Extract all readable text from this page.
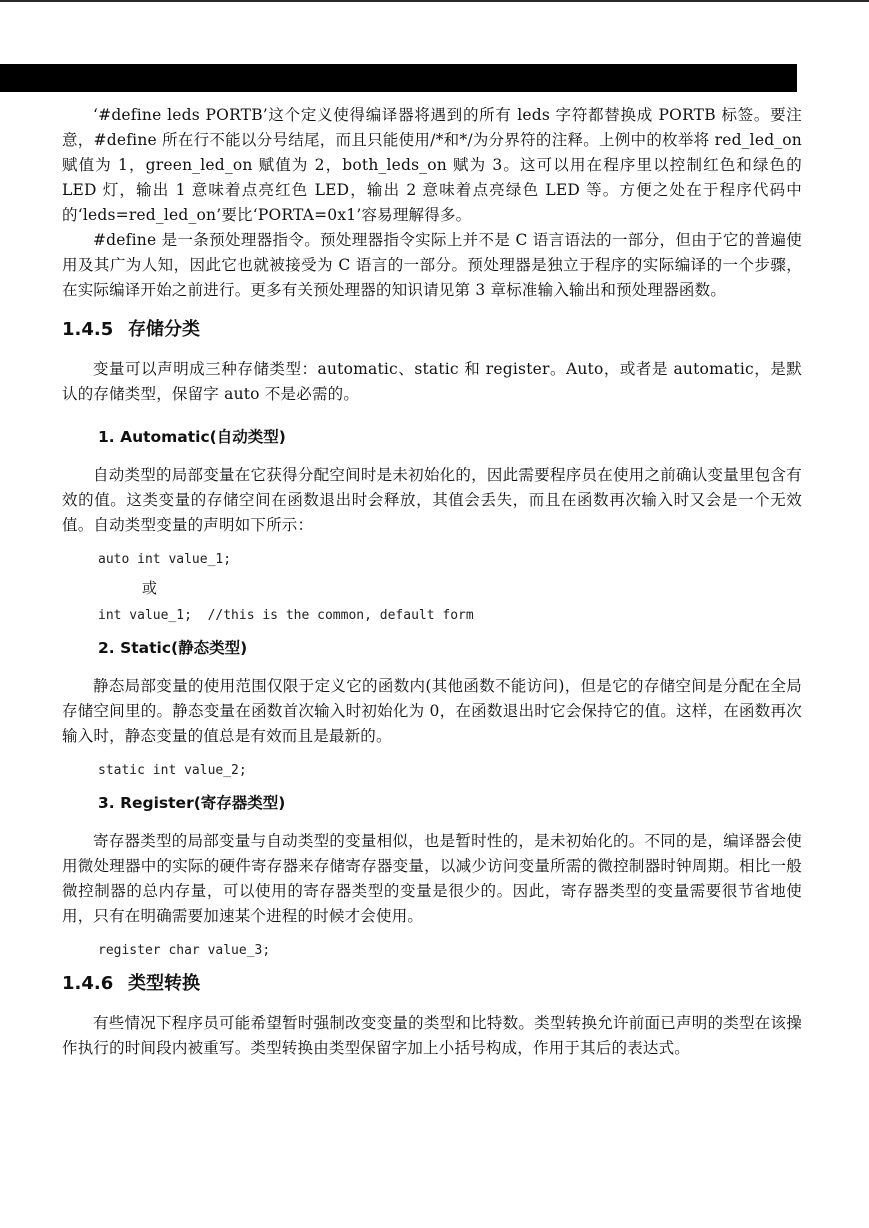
‘#define leds PORTB’这个定义使得编译器将遇到的所有 leds 字符都替换成 PORTB 标签。要注意，#define 所在行不能以分号结尾，而且只能使用/*和*/为分界符的注释。上例中的枚举将 red_led_on 赋值为 1，green_led_on 赋值为 2，both_leds_on 赋为 3。这可以用在程序里以控制红色和绿色的 LED 灯，输出 1 意味着点亮红色 LED，输出 2 意味着点亮绿色 LED 等。方便之处在于程序代码中的‘leds=red_led_on’要比‘PORTA=0x1’容易理解得多。

#define 是一条预处理器指令。预处理器指令实际上并不是 C 语言语法的一部分，但由于它的普遍使用及其广为人知，因此它也就被接受为 C 语言的一部分。预处理器是独立于程序的实际编译的一个步骤，在实际编译开始之前进行。更多有关预处理器的知识请见第 3 章标准输入输出和预处理器函数。

1.4.5 存储分类

变量可以声明成三种存储类型：automatic、static 和 register。Auto，或者是 automatic，是默认的存储类型，保留字 auto 不是必需的。

1. Automatic(自动类型)

自动类型的局部变量在它获得分配空间时是未初始化的，因此需要程序员在使用之前确认变量里包含有效的值。这类变量的存储空间在函数退出时会释放，其值会丢失，而且在函数再次输入时又会是一个无效值。自动类型变量的声明如下所示：

auto int value_1;
或
int value_1;  //this is the common, default form
2. Static(静态类型)

静态局部变量的使用范围仅限于定义它的函数内(其他函数不能访问)，但是它的存储空间是分配在全局存储空间里的。静态变量在函数首次输入时初始化为 0，在函数退出时它会保持它的值。这样，在函数再次输入时，静态变量的值总是有效而且是最新的。

static int value_2;
3. Register(寄存器类型)

寄存器类型的局部变量与自动类型的变量相似，也是暂时性的，是未初始化的。不同的是，编译器会使用微处理器中的实际的硬件寄存器来存储寄存器变量，以减少访问变量所需的微控制器时钟周期。相比一般微控制器的总内存量，可以使用的寄存器类型的变量是很少的。因此，寄存器类型的变量需要很节省地使用，只有在明确需要加速某个进程的时候才会使用。

register char value_3;
1.4.6 类型转换

有些情况下程序员可能希望暂时强制改变变量的类型和比特数。类型转换允许前面已声明的类型在该操作执行的时间段内被重写。类型转换由类型保留字加上小括号构成，作用于其后的表达式。
